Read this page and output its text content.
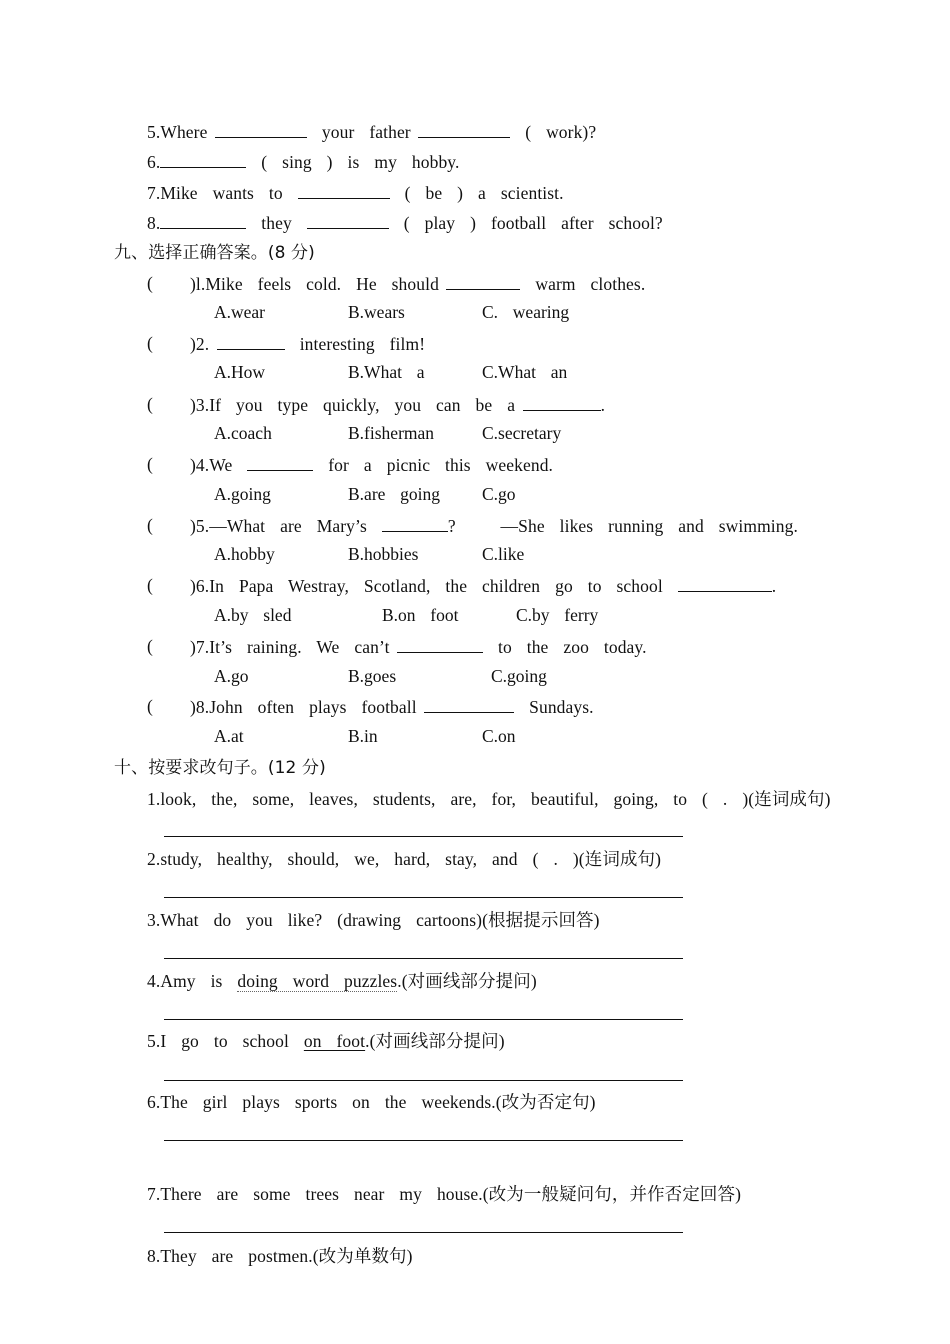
5.Where	your  father	(  work)?
6.	(  sing  )  is  my  hobby.
7.Mike  wants  to	(  be  )  a  scientist.
8.	they	(  play  )  football  after  school?
九、选择正确答案。(8 分)
( )l.Mike  feels  cold.  He  should	warm  clothes.
A.wear	B.wears	C.  wearing
( )2.	interesting  film!
A.How	B.What  a	C.What  an
( )3.If  you  type  quickly,  you  can  be  a	.
A.coach	B.fisherman	C.secretary
( )4.We	for  a  picnic  this  weekend.
A.going	B.are  going C.go
( )5.—What  are  Mary’s	?      —She  likes  running  and  swimming.
A.hobby	B.hobbies	C.like
( )6.In  Papa  Westray,  Scotland,  the  children  go  to  school	.
A.by  sled	B.on  foot	C.by  ferry
( )7.It’s  raining.  We  can’t	to  the  zoo  today.
A.go	B.goes	C.going
( )8.John  often  plays  football	Sundays.
A.at	B.in	C.on
十、按要求改句子。(12 分)
1.look,  the,  some,  leaves,  students,  are,  for,  beautiful,  going,  to  (  .  )(连词成句)
2.study,  healthy,  should,  we,  hard,  stay,  and  (  .  )(连词成句)
3.What  do  you  like?  (drawing  cartoons)(根据提示回答)
4.Amy  is doing  word  puzzles.(对画线部分提问)
5.I  go  to  school on  foot.(对画线部分提问)
6.The  girl  plays  sports  on  the  weekends.(改为否定句)
7.There  are  some  trees  near  my  house.(改为一般疑问句，并作否定回答)
8.They  are  postmen.(改为单数句)
